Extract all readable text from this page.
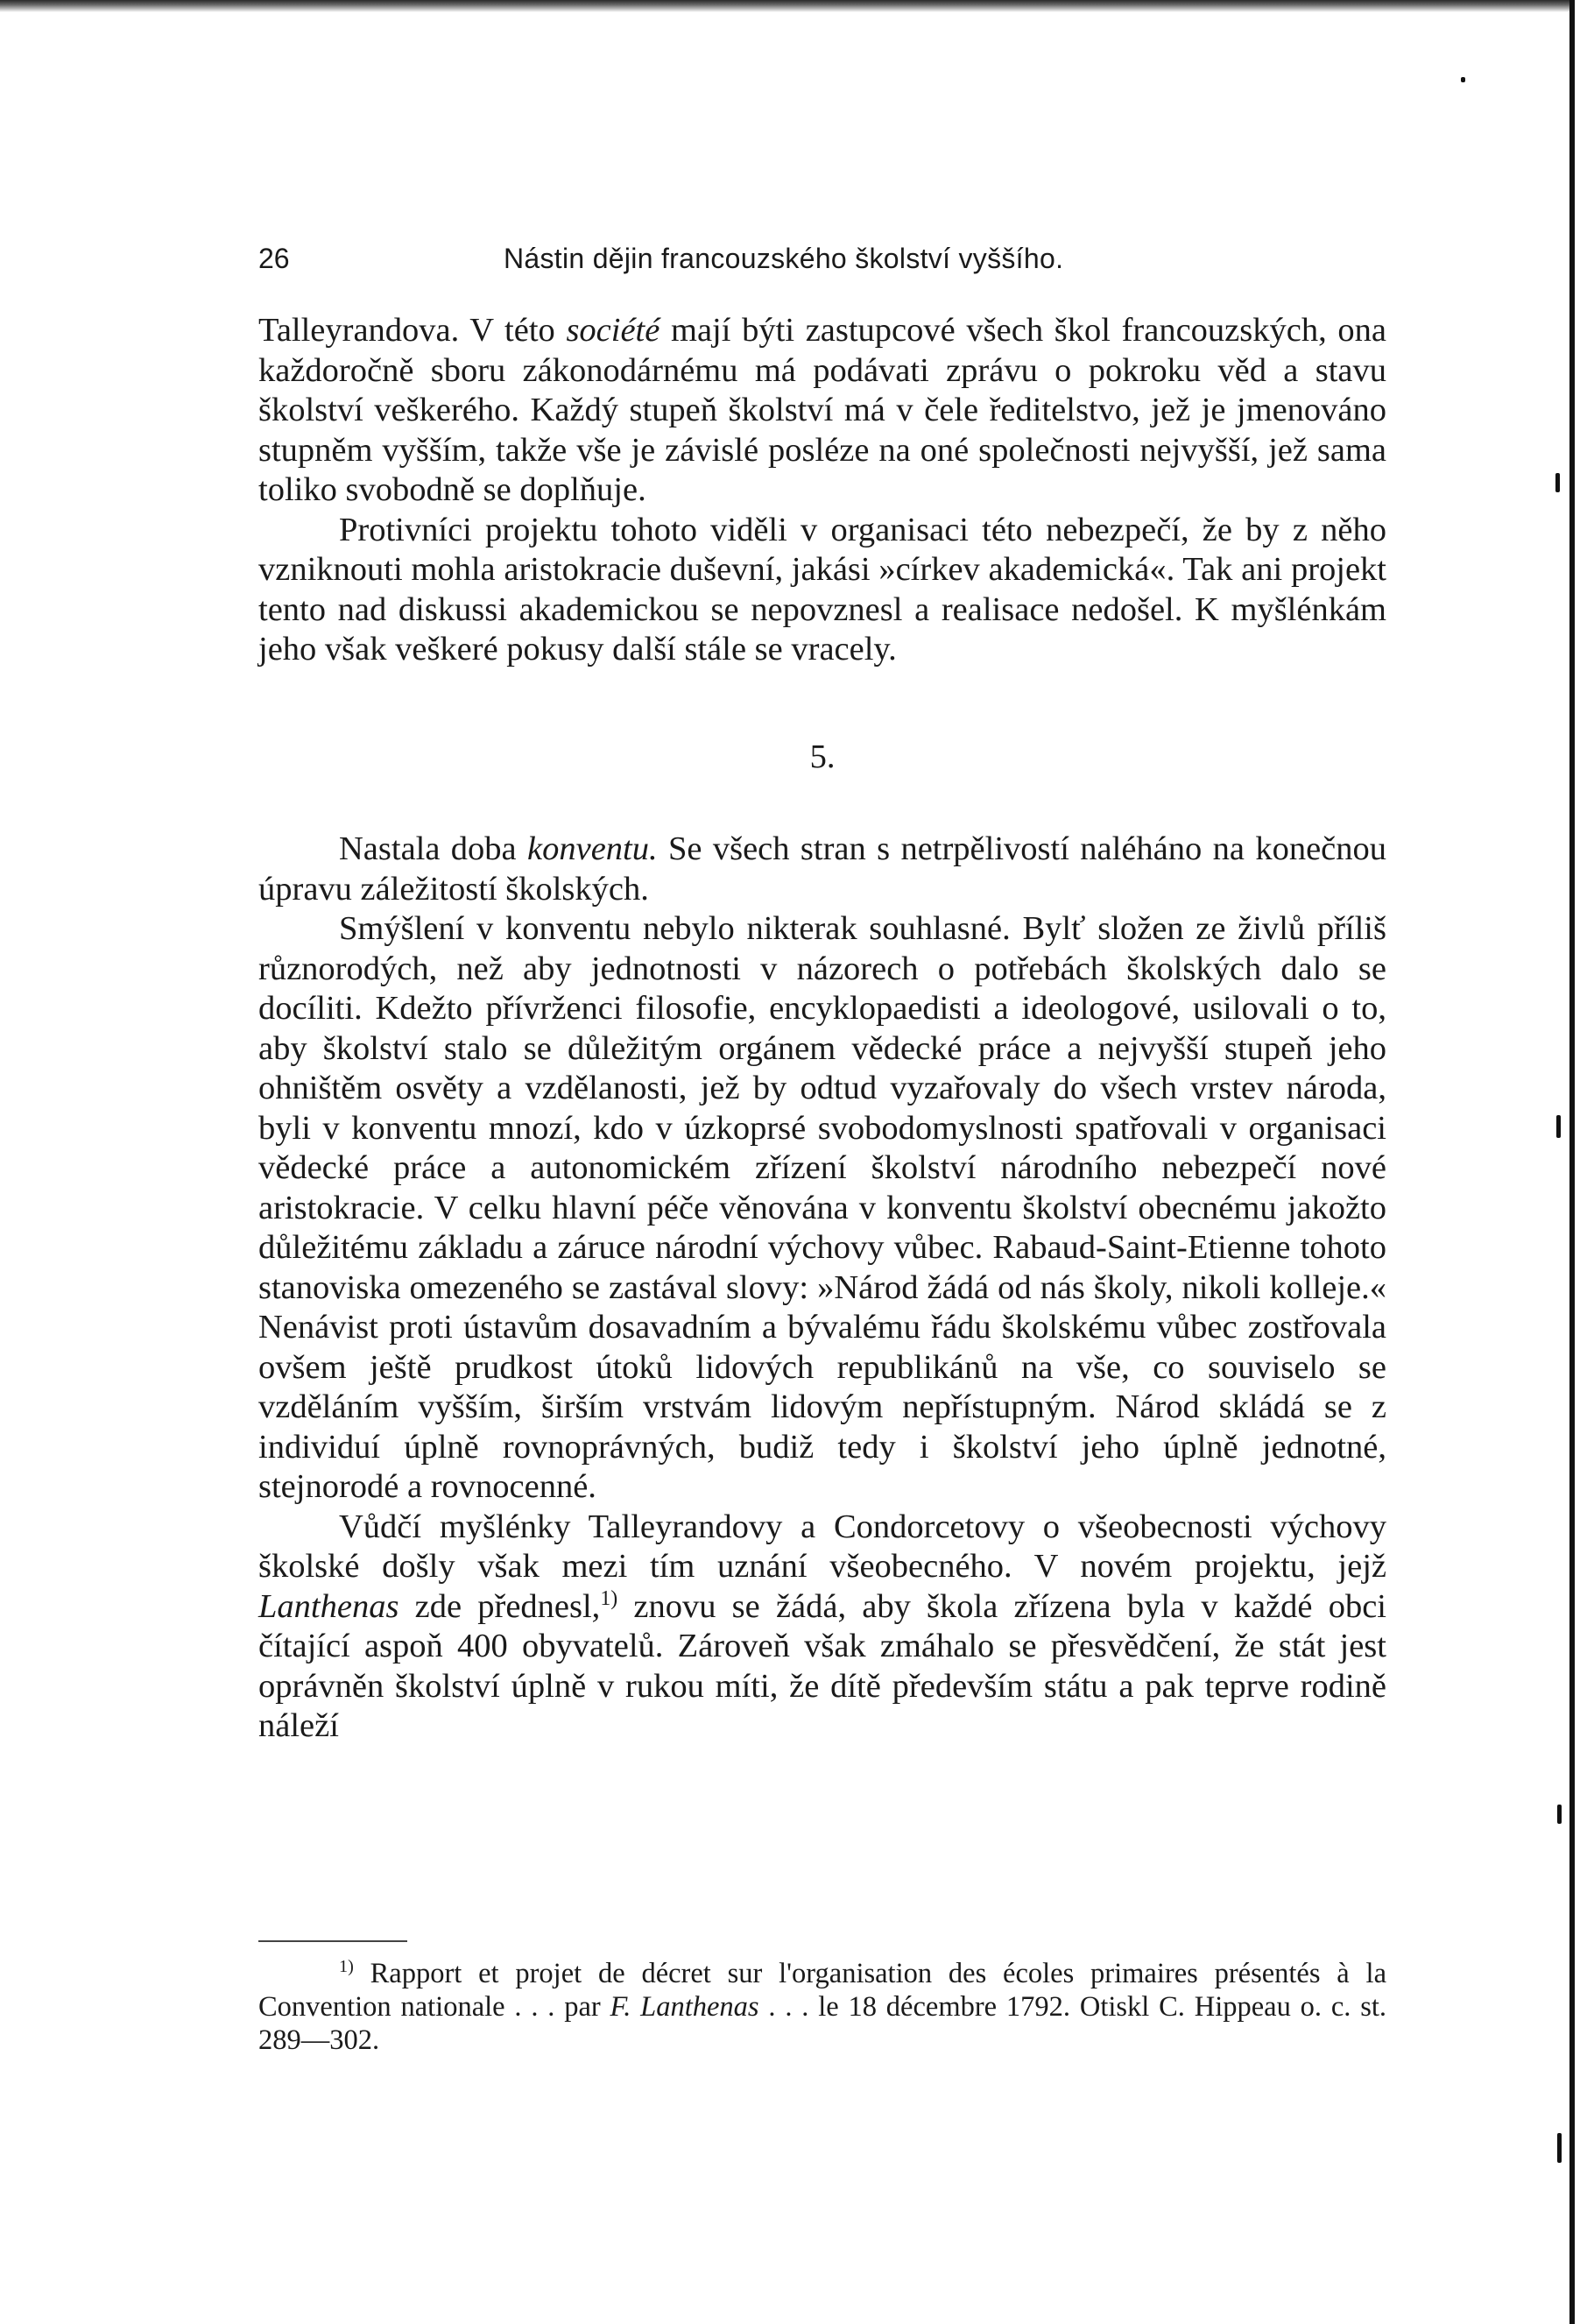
26	Nástin dějin francouzského školství vyššího.

Talleyrandova. V této société mají býti zastupcové všech škol francouzských, ona každoročně sboru zákonodárnému má podávati zprávu o pokroku věd a stavu školství veškerého. Každý stupeň školství má v čele ředitelstvo, jež je jmenováno stupněm vyšším, takže vše je závislé posléze na oné společnosti nejvyšší, jež sama toliko svobodně se doplňuje.

Protivníci projektu tohoto viděli v organisaci této nebezpečí, že by z něho vzniknouti mohla aristokracie duševní, jakási »církev akademická«. Tak ani projekt tento nad diskussi akademickou se nepovznesl a realisace nedošel. K myšlénkám jeho však veškeré pokusy další stále se vracely.

5.

Nastala doba konventu. Se všech stran s netrpělivostí naléháno na konečnou úpravu záležitostí školských.

Smýšlení v konventu nebylo nikterak souhlasné. Bylť složen ze živlů příliš různorodých, než aby jednotnosti v názorech o potřebách školských dalo se docíliti. Kdežto přívrženci filosofie, encyklopaedisti a ideologové, usilovali o to, aby školství stalo se důležitým orgánem vědecké práce a nejvyšší stupeň jeho ohništěm osvěty a vzdělanosti, jež by odtud vyzařovaly do všech vrstev národa, byli v konventu mnozí, kdo v úzkoprsé svobodomyslnosti spatřovali v organisaci vědecké práce a autonomickém zřízení školství národního nebezpečí nové aristokracie. V celku hlavní péče věnována v konventu školství obecnému jakožto důležitému základu a záruce národní výchovy vůbec. Rabaud-Saint-Etienne tohoto stanoviska omezeného se zastával slovy: »Národ žádá od nás školy, nikoli kolleje.« Nenávist proti ústavům dosavadním a bývalému řádu školskému vůbec zostřovala ovšem ještě prudkost útoků lidových republikánů na vše, co souviselo se vzděláním vyšším, širším vrstvám lidovým nepřístupným. Národ skládá se z individuí úplně rovnoprávných, budiž tedy i školství jeho úplně jednotné, stejnorodé a rovnocenné.

Vůdčí myšlénky Talleyrandovy a Condorcetovy o všeobecnosti výchovy školské došly však mezi tím uznání všeobecného. V novém projektu, jejž Lanthenas zde přednesl,$^{1)}$ znovu se žádá, aby škola zřízena byla v každé obci čítající aspoň 400 obyvatelů. Zároveň však zmáhalo se přesvědčení, že stát jest oprávněn školství úplně v rukou míti, že dítě především státu a pak teprve rodině náleží

$^{1)}$ Rapport et projet de décret sur l'organisation des écoles primaires présentés à la Convention nationale . . . par F. Lanthenas . . . le 18 décembre 1792. Otiskl C. Hippeau o. c. st. 289—302.
